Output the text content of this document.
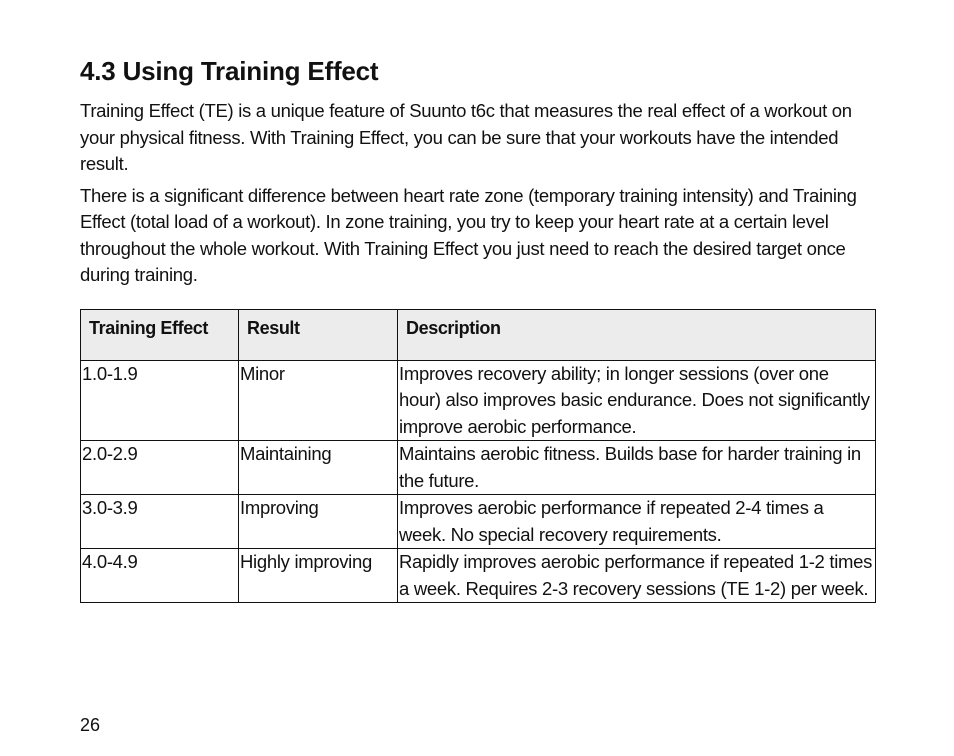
4.3 Using Training Effect

Training Effect (TE) is a unique feature of Suunto t6c that measures the real effect of a workout on your physical fitness. With Training Effect, you can be sure that your workouts have the intended result.

There is a significant difference between heart rate zone (temporary training intensity) and Training Effect (total load of a workout). In zone training, you try to keep your heart rate at a certain level throughout the whole workout. With Training Effect you just need to reach the desired target once during training.

Training Effect	Result	Description
1.0-1.9	Minor	Improves recovery ability; in longer sessions (over one hour) also improves basic endurance. Does not significantly improve aerobic performance.
2.0-2.9	Maintaining	Maintains aerobic fitness. Builds base for harder training in the future.
3.0-3.9	Improving	Improves aerobic performance if repeated 2-4 times a week. No special recovery requirements.
4.0-4.9	Highly improving	Rapidly improves aerobic performance if repeated 1-2 times a week. Requires 2-3 recovery sessions (TE 1-2) per week.
26
